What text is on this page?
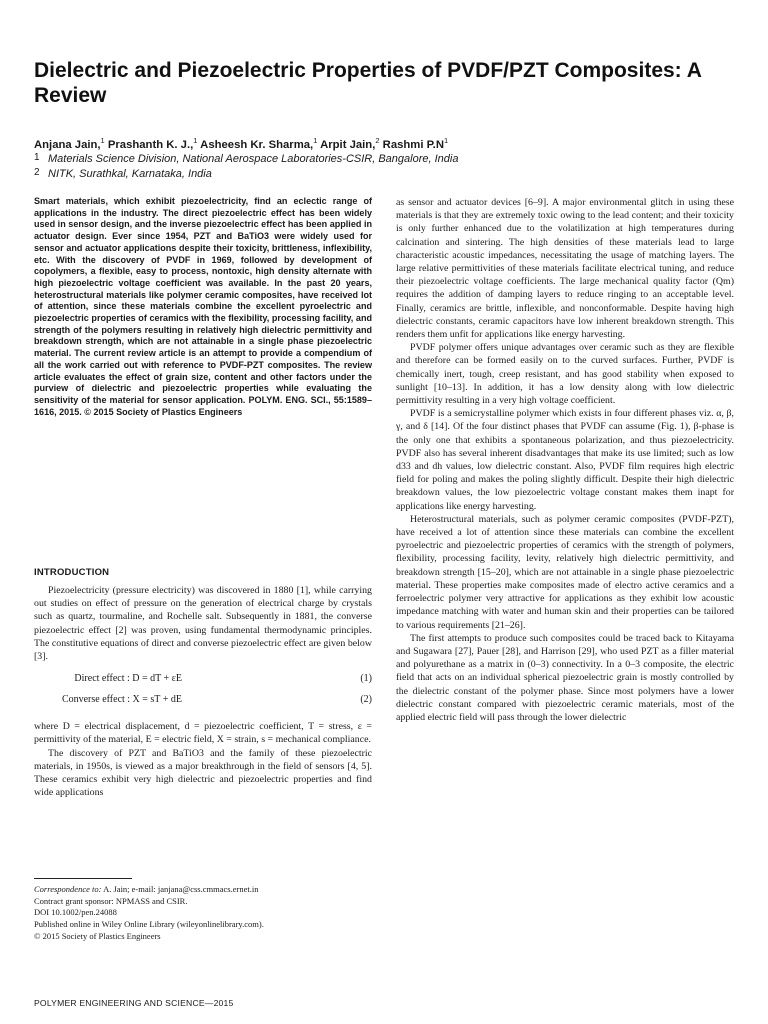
Dielectric and Piezoelectric Properties of PVDF/PZT Composites: A Review
Anjana Jain,$^1$ Prashanth K. J.,$^1$ Asheesh Kr. Sharma,$^1$ Arpit Jain,$^2$ Rashmi $P.N^1$
1 Materials Science Division, National Aerospace Laboratories-CSIR, Bangalore, India
2 NITK, Surathkal, Karnataka, India

Smart materials, which exhibit piezoelectricity, find an eclectic range of applications in the industry. The direct piezoelectric effect has been widely used in sensor design, and the inverse piezoelectric effect has been applied in actuator design. Ever since 1954, PZT and BaTiO3 were widely used for sensor and actuator applications despite their toxicity, brittleness, inflexibility, etc. With the discovery of PVDF in 1969, followed by development of copolymers, a flexible, easy to process, nontoxic, high density alternate with high piezoelectric voltage coefficient was available. In the past 20 years, heterostructural materials like polymer ceramic composites, have received lot of attention, since these materials combine the excellent pyroelectric and piezoelectric properties of ceramics with the flexibility, processing facility, and strength of the polymers resulting in relatively high dielectric permittivity and breakdown strength, which are not attainable in a single phase piezoelectric material. The current review article is an attempt to provide a compendium of all the work carried out with reference to PVDF-PZT composites. The review article evaluates the effect of grain size, content and other factors under the purview of dielectric and piezoelectric properties while evaluating the sensitivity of the material for sensor application. POLYM. ENG. SCI., 55:1589–1616, 2015. © 2015 Society of Plastics Engineers

INTRODUCTION

Piezoelectricity (pressure electricity) was discovered in 1880 [1], while carrying out studies on effect of pressure on the generation of electrical charge by crystals such as quartz, tourmaline, and Rochelle salt. Subsequently in 1881, the converse piezoelectric effect [2] was proven, using fundamental thermodynamic principles. The constitutive equations of direct and converse piezoelectric effect are given below [3].

Direct effect : D = dT + εE	(1)
Converse effect : X = sT + dE	(2)

where D = electrical displacement, d = piezoelectric coefficient, T = stress, ε = permittivity of the material, E = electric field, X = strain, s = mechanical compliance.

The discovery of PZT and BaTiO3 and the family of these piezoelectric materials, in 1950s, is viewed as a major breakthrough in the field of sensors [4, 5]. These ceramics exhibit very high dielectric and piezoelectric properties and find wide applications

as sensor and actuator devices [6–9]. A major environmental glitch in using these materials is that they are extremely toxic owing to the lead content; and their toxicity is only further enhanced due to the volatilization at high temperatures during calcination and sintering. The high densities of these materials lead to large characteristic acoustic impedances, necessitating the usage of matching layers. The large relative permittivities of these materials facilitate electrical tuning, and reduce their piezoelectric voltage coefficients. The large mechanical quality factor (Qm) requires the addition of damping layers to reduce ringing to an acceptable level. Finally, ceramics are brittle, inflexible, and nonconformable. Despite having high dielectric constants, ceramic capacitors have low inherent breakdown strength. This renders them unfit for applications like energy harvesting.

PVDF polymer offers unique advantages over ceramic such as they are flexible and therefore can be formed easily on to the curved surfaces. Further, PVDF is chemically inert, tough, creep resistant, and has good stability when exposed to sunlight [10–13]. In addition, it has a low density along with low dielectric permittivity resulting in a very high voltage coefficient.

PVDF is a semicrystalline polymer which exists in four different phases viz. α, β, γ, and δ [14]. Of the four distinct phases that PVDF can assume (Fig. 1), β-phase is the only one that exhibits a spontaneous polarization, and thus piezoelectricity. PVDF also has several inherent disadvantages that make its use limited; such as low d33 and dh values, low dielectric constant. Also, PVDF film requires high electric field for poling and makes the poling slightly difficult. Despite their high dielectric breakdown values, the low piezoelectric voltage constant makes them inapt for applications like energy harvesting.

Heterostructural materials, such as polymer ceramic composites (PVDF-PZT), have received a lot of attention since these materials can combine the excellent pyroelectric and piezoelectric properties of ceramics with the strength of polymers, flexibility, processing facility, levity, relatively high dielectric permittivity, and breakdown strength [15–20], which are not attainable in a single phase piezoelectric material. These properties make composites made of electro active ceramics and a ferroelectric polymer very attractive for applications as they exhibit low acoustic impedance matching with water and human skin and their properties can be tailored to various requirements [21–26].

The first attempts to produce such composites could be traced back to Kitayama and Sugawara [27], Pauer [28], and Harrison [29], who used PZT as a filler material and polyurethane as a matrix in (0–3) connectivity. In a 0–3 composite, the electric field that acts on an individual spherical piezoelectric grain is mostly controlled by the dielectric constant of the polymer phase. Since most polymers have a lower dielectric constant compared with piezoelectric ceramic materials, most of the applied electric field will pass through the lower dielectric

Correspondence to: A. Jain; e-mail: janjana@css.cmmacs.ernet.in
Contract grant sponsor: NPMASS and CSIR.
DOI 10.1002/pen.24088
Published online in Wiley Online Library (wileyonlinelibrary.com).
© 2015 Society of Plastics Engineers
POLYMER ENGINEERING AND SCIENCE—2015
